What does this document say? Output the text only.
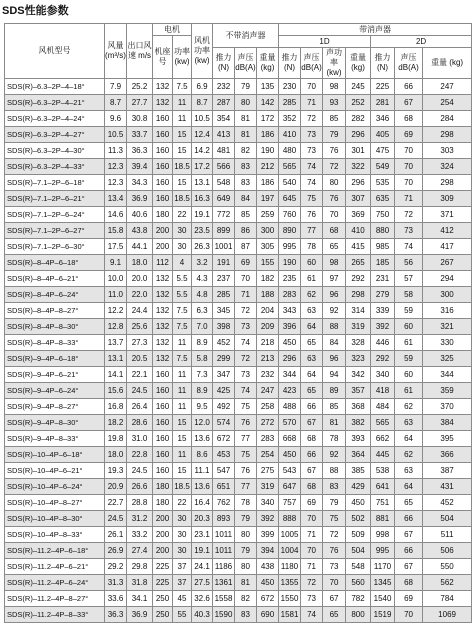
SDS性能参数
风机型号	风量 (m³/s)	出口风速 m/s	电机		风机功率 (kw)	不带消声器			带消声器						
			机座号	功率 (kw)					1D				2D		
						推力 (N)	声压 dB(A)	重量 (kg)	推力 (N)	声压 dB(A)	声功率 (kw)	重量 (kg)	推力 (N)	声压 dB(A)	重量 (kg)
SDS(R)–6.3–2P–4–18°	7.9	25.2	132	7.5	6.9	232	79	135	230	70	98	245	225	66	247
SDS(R)–6.3–2P–4–21°	8.7	27.7	132	11	8.7	287	80	142	285	71	93	252	281	67	254
SDS(R)–6.3–2P–4–24°	9.6	30.8	160	11	10.5	354	81	172	352	72	85	282	346	68	284
SDS(R)–6.3–2P–4–27°	10.5	33.7	160	15	12.4	413	81	186	410	73	79	296	405	69	298
SDS(R)–6.3–2P–4–30°	11.3	36.3	160	15	14.2	481	82	190	480	73	76	301	475	70	303
SDS(R)–6.3–2P–4–33°	12.3	39.4	160	18.5	17.2	566	83	212	565	74	72	322	549	70	324
SDS(R)–7.1–2P–6–18°	12.3	34.3	160	15	13.1	548	83	186	540	74	80	296	535	70	298
SDS(R)–7.1–2P–6–21°	13.4	36.9	160	18.5	16.3	649	84	197	645	75	76	307	635	71	309
SDS(R)–7.1–2P–6–24°	14.6	40.6	180	22	19.1	772	85	259	760	76	70	369	750	72	371
SDS(R)–7.1–2P–6–27°	15.8	43.8	200	30	23.5	899	86	300	890	77	68	410	880	73	412
SDS(R)–7.1–2P–6–30°	17.5	44.1	200	30	26.3	1001	87	305	995	78	65	415	985	74	417
SDS(R)–8–4P–6–18°	9.1	18.0	112	4	3.2	191	69	155	190	60	98	265	185	56	267
SDS(R)–8–4P–6–21°	10.0	20.0	132	5.5	4.3	237	70	182	235	61	97	292	231	57	294
SDS(R)–8–4P–6–24°	11.0	22.0	132	5.5	4.8	285	71	188	283	62	96	298	279	58	300
SDS(R)–8–4P–8–27°	12.2	24.4	132	7.5	6.3	345	72	204	343	63	92	314	339	59	316
SDS(R)–8–4P–8–30°	12.8	25.6	132	7.5	7.0	398	73	209	396	64	88	319	392	60	321
SDS(R)–8–4P–8–33°	13.7	27.3	132	11	8.9	452	74	218	450	65	84	328	446	61	330
SDS(R)–9–4P–6–18°	13.1	20.5	132	7.5	5.8	299	72	213	296	63	96	323	292	59	325
SDS(R)–9–4P–6–21°	14.1	22.1	160	11	7.3	347	73	232	344	64	94	342	340	60	344
SDS(R)–9–4P–6–24°	15.6	24.5	160	11	8.9	425	74	247	423	65	89	357	418	61	359
SDS(R)–9–4P–8–27°	16.8	26.4	160	11	9.5	492	75	258	488	66	85	368	484	62	370
SDS(R)–9–4P–8–30°	18.2	28.6	160	15	12.0	574	76	272	570	67	81	382	565	63	384
SDS(R)–9–4P–8–33°	19.8	31.0	160	15	13.6	672	77	283	668	68	78	393	662	64	395
SDS(R)–10–4P–6–18°	18.0	22.8	160	11	8.6	453	75	254	450	66	92	364	445	62	366
SDS(R)–10–4P–6–21°	19.3	24.5	160	15	11.1	547	76	275	543	67	88	385	538	63	387
SDS(R)–10–4P–6–24°	20.9	26.6	180	18.5	13.6	651	77	319	647	68	83	429	641	64	431
SDS(R)–10–4P–8–27°	22.7	28.8	180	22	16.4	762	78	340	757	69	79	450	751	65	452
SDS(R)–10–4P–8–30°	24.5	31.2	200	30	20.3	893	79	392	888	70	75	502	881	66	504
SDS(R)–10–4P–8–33°	26.1	33.2	200	30	23.1	1011	80	399	1005	71	72	509	998	67	511
SDS(R)–11.2–4P–6–18°	26.9	27.4	200	30	19.1	1011	79	394	1004	70	76	504	995	66	506
SDS(R)–11.2–4P–6–21°	29.2	29.8	225	37	24.1	1186	80	438	1180	71	73	548	1170	67	550
SDS(R)–11.2–4P–6–24°	31.3	31.8	225	37	27.5	1361	81	450	1355	72	70	560	1345	68	562
SDS(R)–11.2–4P–8–27°	33.6	34.1	250	45	32.6	1558	82	672	1550	73	67	782	1540	69	784
SDS(R)–11.2–4P–8–33°	36.3	36.9	250	55	40.3	1590	83	690	1581	74	65	800	1519	70	1069
